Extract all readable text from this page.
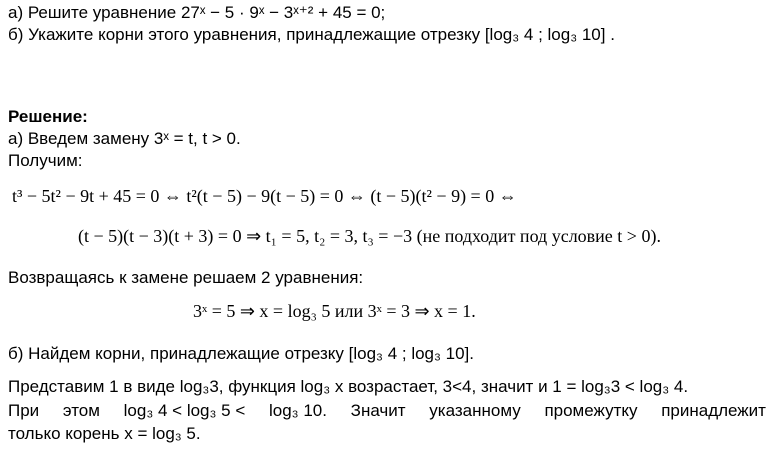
а) Решите уравнение 27ˣ − 5 · 9ˣ − 3ˣ⁺² + 45 = 0;
б) Укажите корни этого уравнения, принадлежащие отрезку [log₃ 4 ; log₃ 10] .
Решение:
а) Введем замену 3ˣ = t, t > 0.
Получим:
t³ − 5t² − 9t + 45 = 0 ⇔ t²(t − 5) − 9(t − 5) = 0 ⇔ (t − 5)(t² − 9) = 0 ⇔
(t − 5)(t − 3)(t + 3) = 0 ⇒ t₁ = 5, t₂ = 3, t₃ = −3 (не подходит под условие t > 0).
Возвращаясь к замене решаем 2 уравнения:
3ˣ = 5 ⇒ x = log₃ 5 или 3ˣ = 3 ⇒ x = 1.
б) Найдем корни, принадлежащие отрезку [log₃ 4 ; log₃ 10].
Представим 1 в виде log₃3, функция log₃ x возрастает, 3<4, значит и 1 = log₃3 < log₃ 4.
При этом log₃ 4 < log₃ 5 < log₃ 10. Значит указанному промежутку принадлежит
только корень x = log₃ 5.
